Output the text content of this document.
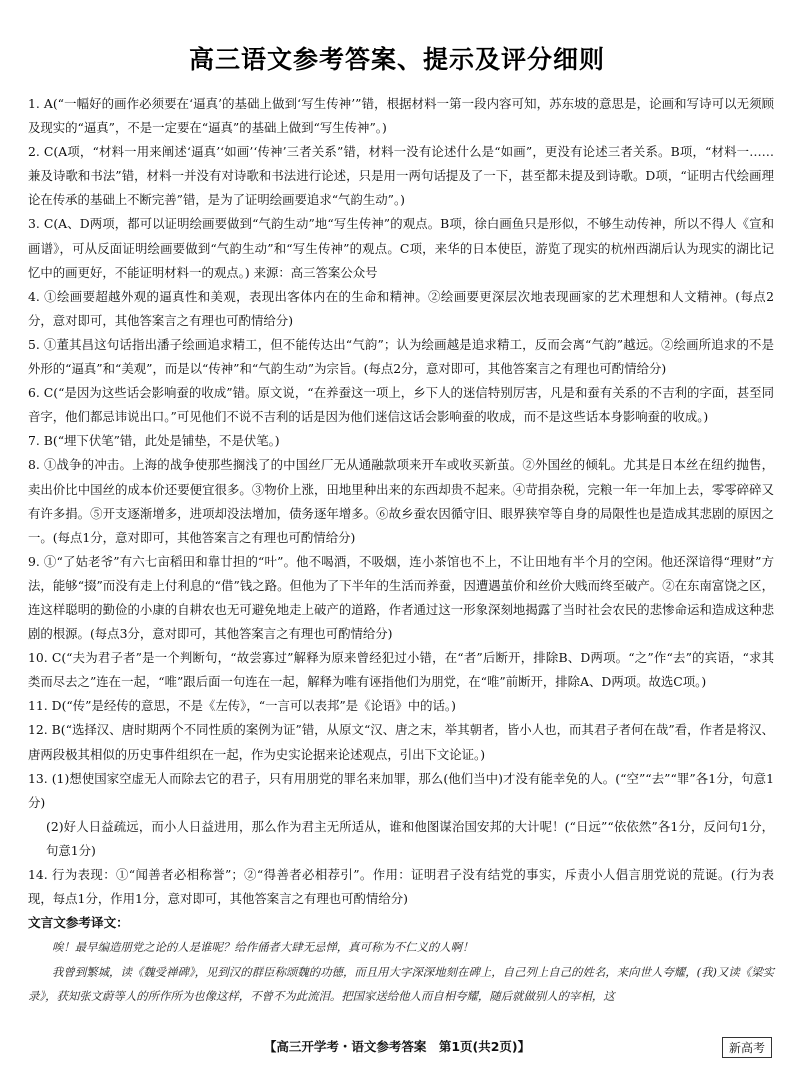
高三语文参考答案、提示及评分细则

1. A(“一幅好的画作必须要在‘逼真’的基础上做到‘写生传神’”错，根据材料一第一段内容可知，苏东坡的意思是，论画和写诗可以无须顾及现实的“逼真”，不是一定要在“逼真”的基础上做到“写生传神”。)

2. C(A项，“材料一用来阐述‘逼真’‘如画’‘传神’三者关系”错，材料一没有论述什么是“如画”，更没有论述三者关系。B项，“材料一……兼及诗歌和书法”错，材料一并没有对诗歌和书法进行论述，只是用一两句话提及了一下，甚至都未提及到诗歌。D项，“证明古代绘画理论在传承的基础上不断完善”错，是为了证明绘画要追求“气韵生动”。)

3. C(A、D两项，都可以证明绘画要做到“气韵生动”地“写生传神”的观点。B项，徐白画鱼只是形似，不够生动传神，所以不得人《宣和画谱》，可从反面证明绘画要做到“气韵生动”和“写生传神”的观点。C项，来华的日本使臣，游览了现实的杭州西湖后认为现实的湖比记忆中的画更好，不能证明材料一的观点。) 来源：高三答案公众号

4. ①绘画要超越外观的逼真性和美观，表现出客体内在的生命和精神。②绘画要更深层次地表现画家的艺术理想和人文精神。(每点2分，意对即可，其他答案言之有理也可酌情给分)

5. ①董其昌这句话指出潘子绘画追求精工，但不能传达出“气韵”；认为绘画越是追求精工，反而会离“气韵”越远。②绘画所追求的不是外形的“逼真”和“美观”，而是以“传神”和“气韵生动”为宗旨。(每点2分，意对即可，其他答案言之有理也可酌情给分)

6. C(“是因为这些话会影响蚕的收成”错。原文说，“在养蚕这一项上，乡下人的迷信特别厉害，凡是和蚕有关系的不吉利的字面，甚至同音字，他们都忌讳说出口。”可见他们不说不吉利的话是因为他们迷信这话会影响蚕的收成，而不是这些话本身影响蚕的收成。)

7. B(“埋下伏笔”错，此处是铺垫，不是伏笔。)

8. ①战争的冲击。上海的战争使那些搁浅了的中国丝厂无从通融款项来开车或收买新茧。②外国丝的倾轧。尤其是日本丝在纽约抛售，卖出价比中国丝的成本价还要便宜很多。③物价上涨，田地里种出来的东西却贵不起来。④苛捐杂税，完粮一年一年加上去，零零碎碎又有许多捐。⑤开支逐渐增多，进项却没法增加，债务逐年增多。⑥故乡蚕农因循守旧、眼界狭窄等自身的局限性也是造成其悲剧的原因之一。(每点1分，意对即可，其他答案言之有理也可酌情给分)

9. ①“了姑老爷”有六七亩稻田和靠廿担的“叶”。他不喝酒，不吸烟，连小茶馆也不上，不让田地有半个月的空闲。他还深谙得“理财”方法，能够“掇”而没有走上付利息的“借”钱之路。但他为了下半年的生活而养蚕，因遭遇茧价和丝价大贱而终至破产。②在东南富饶之区，连这样聪明的勤俭的小康的自耕农也无可避免地走上破产的道路，作者通过这一形象深刻地揭露了当时社会农民的悲惨命运和造成这种悲剧的根源。(每点3分，意对即可，其他答案言之有理也可酌情给分)

10. C(“夫为君子者”是一个判断句，“故尝寡过”解释为原来曾经犯过小错，在“者”后断开，排除B、D两项。“之”作“去”的宾语，“求其类而尽去之”连在一起，“唯”跟后面一句连在一起，解释为唯有诬指他们为朋党，在“唯”前断开，排除A、D两项。故选C项。)

11. D(“传”是经传的意思，不是《左传》，“一言可以表邦”是《论语》中的话。)

12. B(“选择汉、唐时期两个不同性质的案例为证”错，从原文“汉、唐之末，举其朝者，皆小人也，而其君子者何在哉”看，作者是将汉、唐两段极其相似的历史事件组织在一起，作为史实论据来论述观点，引出下文论证。)

13. (1)想使国家空虚无人而除去它的君子，只有用朋党的罪名来加罪，那么(他们当中)才没有能幸免的人。(“空”“去”“罪”各1分，句意1分)

(2)好人日益疏远，而小人日益进用，那么作为君主无所适从，谁和他图谋治国安邦的大计呢！(“日远”“依依然”各1分，反问句1分，句意1分)

14. 行为表现：①“闻善者必相称誉”；②“得善者必相荐引”。作用：证明君子没有结党的事实，斥责小人倡言朋党说的荒诞。(行为表现，每点1分，作用1分，意对即可，其他答案言之有理也可酌情给分)

文言文参考译文：

唉！最早编造朋党之论的人是谁呢？给作俑者大肆无忌惮，真可称为不仁义的人啊！

我曾到繁城，读《魏受禅碑》，见到汉的群臣称颂魏的功德，而且用大字深深地刻在碑上，自己列上自己的姓名，来向世人夸耀，(我)又读《梁实录》，获知张文蔚等人的所作所为也像这样，不曾不为此流泪。把国家送给他人而自相夸耀，随后就做别人的宰相，这

【高三开学考・语文参考答案　第1页(共2页)】	新高考
